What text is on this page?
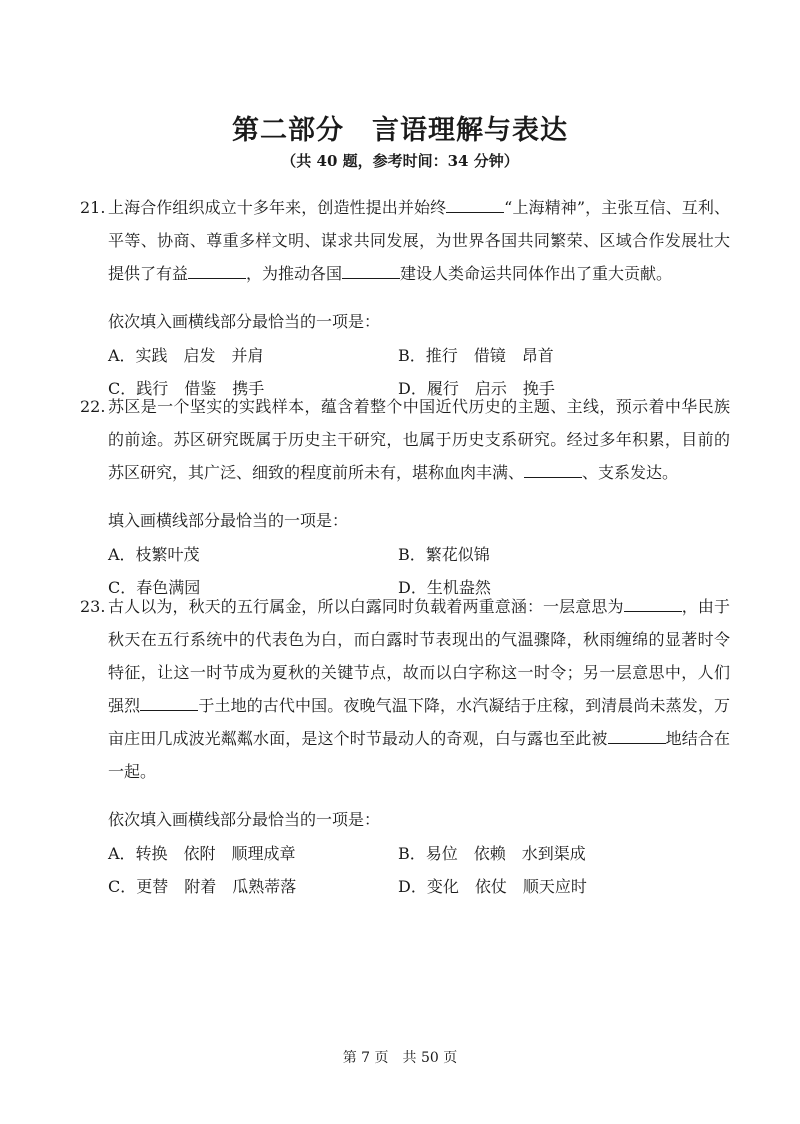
第二部分　言语理解与表达
（共 40 题，参考时间：34 分钟）
21. 上海合作组织成立十多年来，创造性提出并始终	“上海精神”，主张互信、互利、平等、协商、尊重多样文明、谋求共同发展，为世界各国共同繁荣、区域合作发展壮大提供了有益	，为推动各国	建设人类命运共同体作出了重大贡献。
依次填入画横线部分最恰当的一项是：
A．实践　启发　并肩	B．推行　借镜　昂首
C．践行　借鉴　携手	D．履行　启示　挽手
22. 苏区是一个坚实的实践样本，蕴含着整个中国近代历史的主题、主线，预示着中华民族的前途。苏区研究既属于历史主干研究，也属于历史支系研究。经过多年积累，目前的苏区研究，其广泛、细致的程度前所未有，堪称血肉丰满、	、支系发达。
填入画横线部分最恰当的一项是：
A．枝繁叶茂	B．繁花似锦
C．春色满园	D．生机盎然
23. 古人以为，秋天的五行属金，所以白露同时负载着两重意涵：一层意思为	，由于秋天在五行系统中的代表色为白，而白露时节表现出的气温骤降，秋雨缠绵的显著时令特征，让这一时节成为夏秋的关键节点，故而以白字称这一时令；另一层意思中，人们强烈	于土地的古代中国。夜晚气温下降，水汽凝结于庄稼，到清晨尚未蒸发，万亩庄田几成波光粼粼水面，是这个时节最动人的奇观，白与露也至此被	地结合在一起。
依次填入画横线部分最恰当的一项是：
A．转换　依附　顺理成章	B．易位　依赖　水到渠成
C．更替　附着　瓜熟蒂落	D．变化　依仗　顺天应时
第 7 页　共 50 页
